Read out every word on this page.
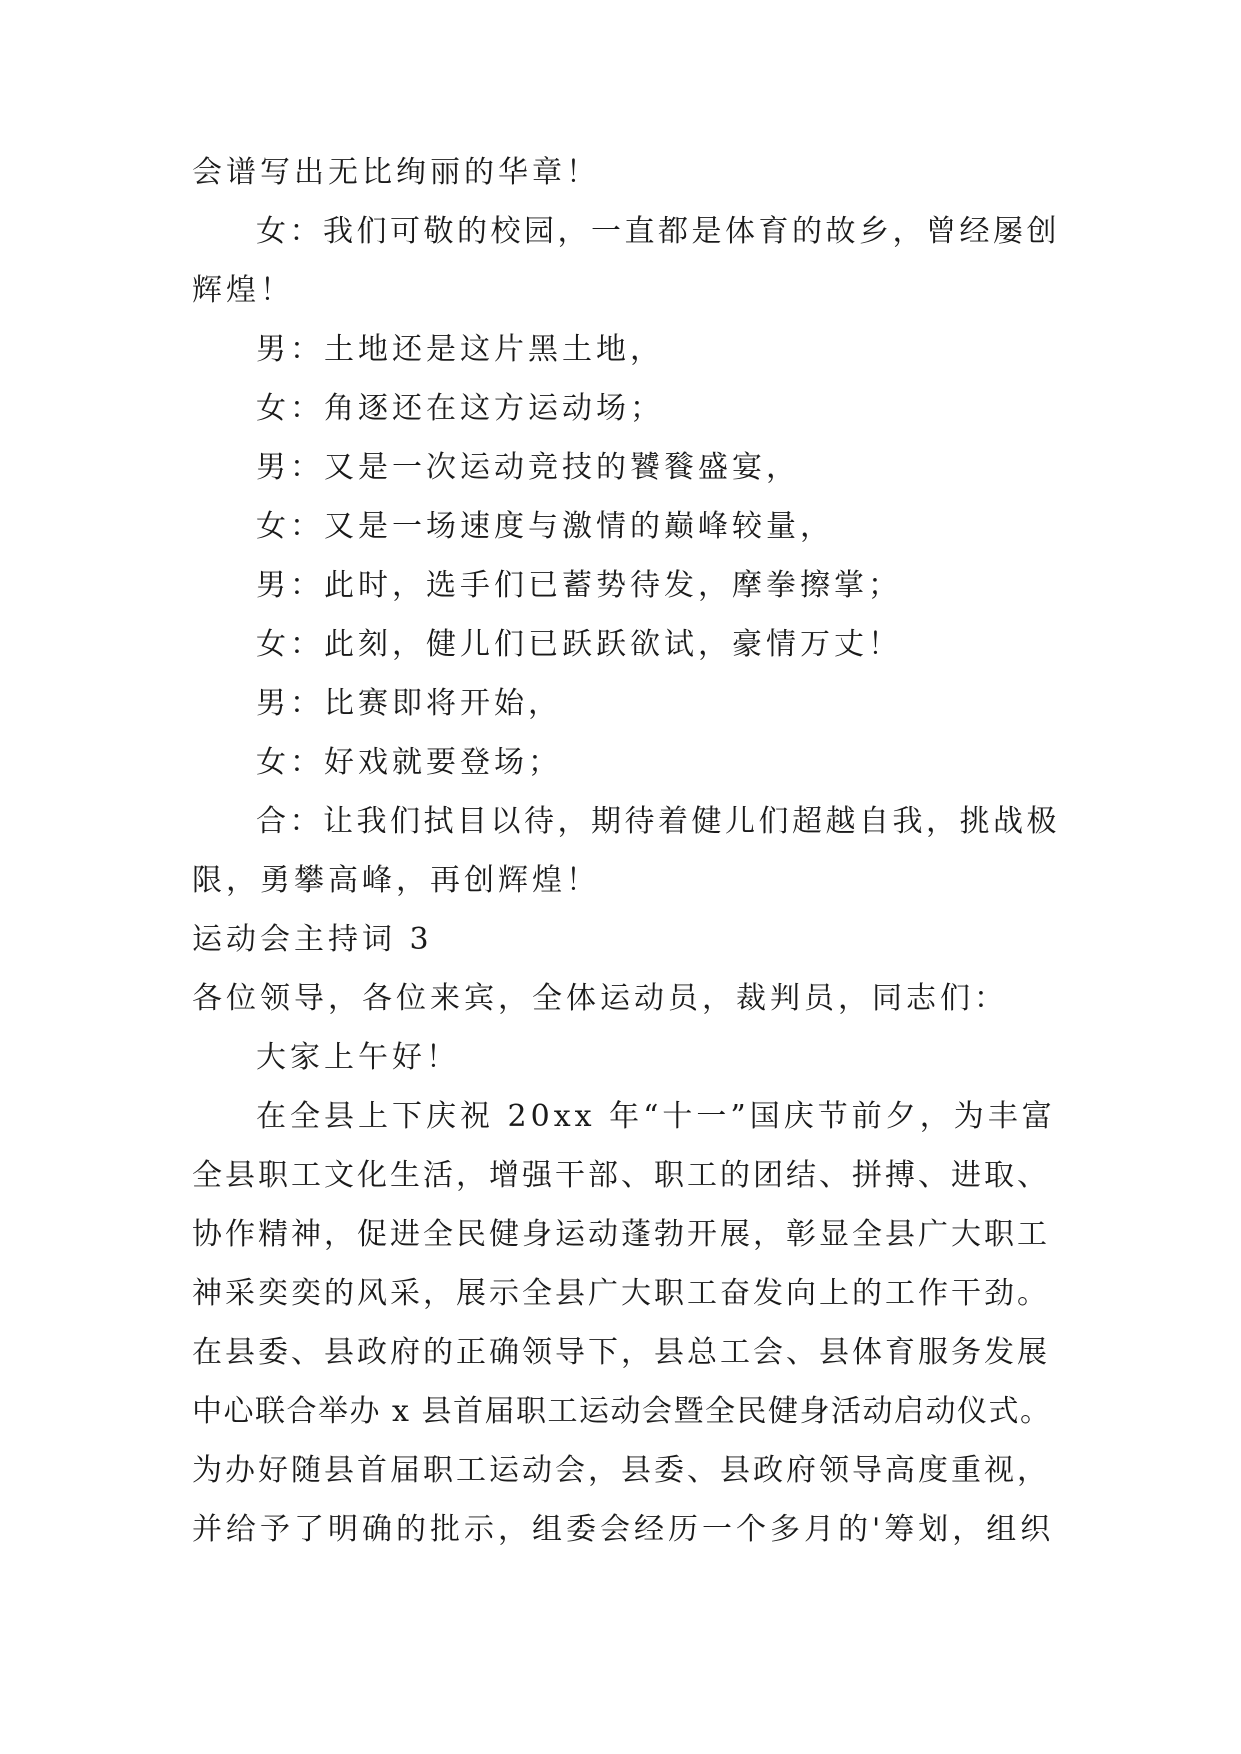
会谱写出无比绚丽的华章！
女：我们可敬的校园，一直都是体育的故乡，曾经屡创
辉煌！
男：土地还是这片黑土地，
女：角逐还在这方运动场；
男：又是一次运动竞技的饕餮盛宴，
女：又是一场速度与激情的巅峰较量，
男：此时，选手们已蓄势待发，摩拳擦掌；
女：此刻，健儿们已跃跃欲试，豪情万丈！
男：比赛即将开始，
女：好戏就要登场；
合：让我们拭目以待，期待着健儿们超越自我，挑战极
限，勇攀高峰，再创辉煌！
运动会主持词 3
各位领导，各位来宾，全体运动员，裁判员，同志们：
大家上午好！
在全县上下庆祝 20xx 年“十一”国庆节前夕，为丰富
全县职工文化生活，增强干部、职工的团结、拼搏、进取、
协作精神，促进全民健身运动蓬勃开展，彰显全县广大职工
神采奕奕的风采，展示全县广大职工奋发向上的工作干劲。
在县委、县政府的正确领导下，县总工会、县体育服务发展
中心联合举办 x 县首届职工运动会暨全民健身活动启动仪式。
为办好随县首届职工运动会，县委、县政府领导高度重视，
并给予了明确的批示，组委会经历一个多月的'筹划，组织
